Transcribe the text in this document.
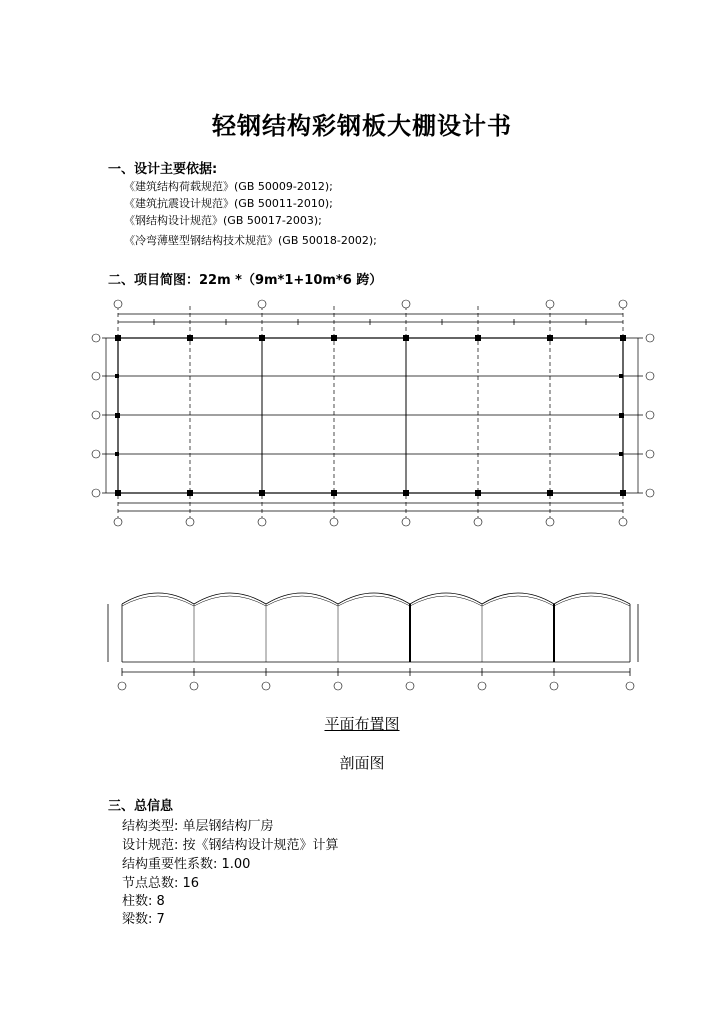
轻钢结构彩钢板大棚设计书
一、设计主要依据:
《建筑结构荷载规范》(GB 50009-2012);
《建筑抗震设计规范》(GB 50011-2010);
《钢结构设计规范》(GB 50017-2003);
《冷弯薄壁型钢结构技术规范》(GB 50018-2002);
二、项目简图：22m *（9m*1+10m*6 跨）
平面布置图
剖面图
三、总信息
结构类型: 单层钢结构厂房
设计规范: 按《钢结构设计规范》计算
结构重要性系数: 1.00
节点总数: 16
柱数: 8
梁数: 7
